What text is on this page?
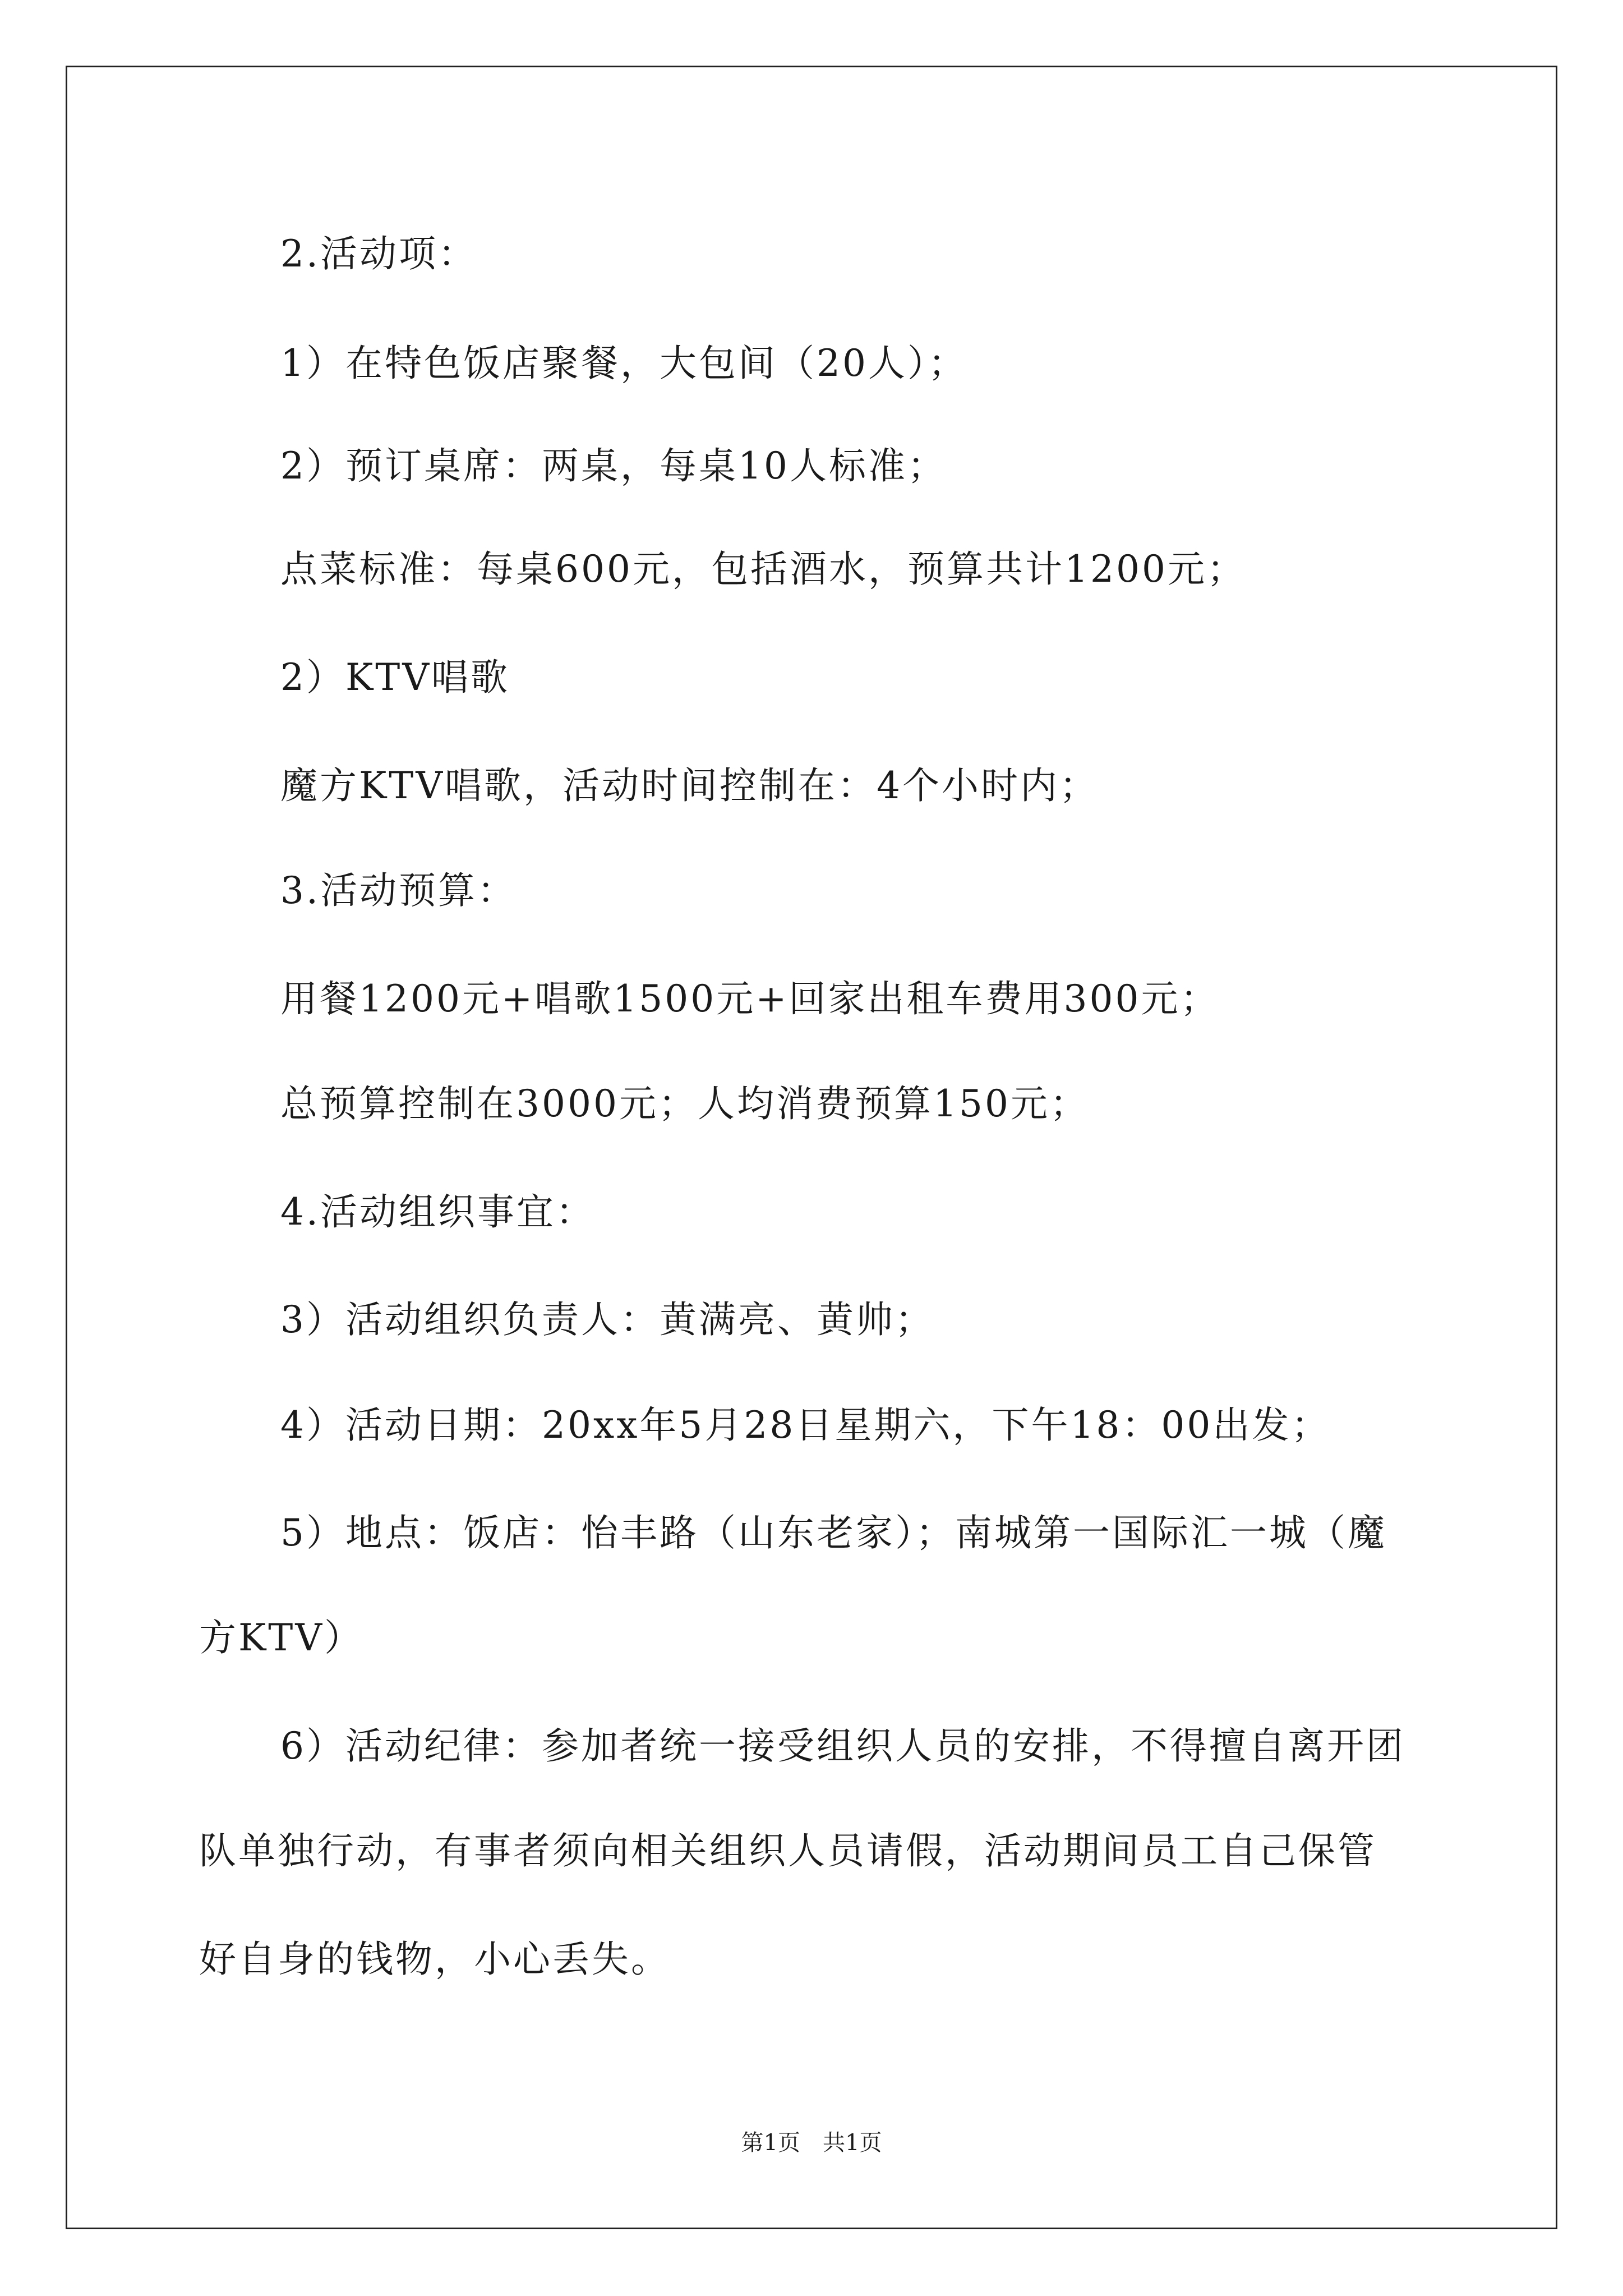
2.活动项：
1）在特色饭店聚餐，大包间（20人）；
2）预订桌席：两桌，每桌10人标准；
点菜标准：每桌600元，包括酒水，预算共计1200元；
2）KTV唱歌
魔方KTV唱歌，活动时间控制在：4个小时内；
3.活动预算：
用餐1200元+唱歌1500元+回家出租车费用300元；
总预算控制在3000元；人均消费预算150元；
4.活动组织事宜：
3）活动组织负责人：黄满亮、黄帅；
4）活动日期：20xx年5月28日星期六，下午18：00出发；
5）地点：饭店：怡丰路（山东老家）；南城第一国际汇一城（魔
方KTV）
6）活动纪律：参加者统一接受组织人员的安排，不得擅自离开团
队单独行动，有事者须向相关组织人员请假，活动期间员工自己保管
好自身的钱物，小心丢失。
第1页　共1页
